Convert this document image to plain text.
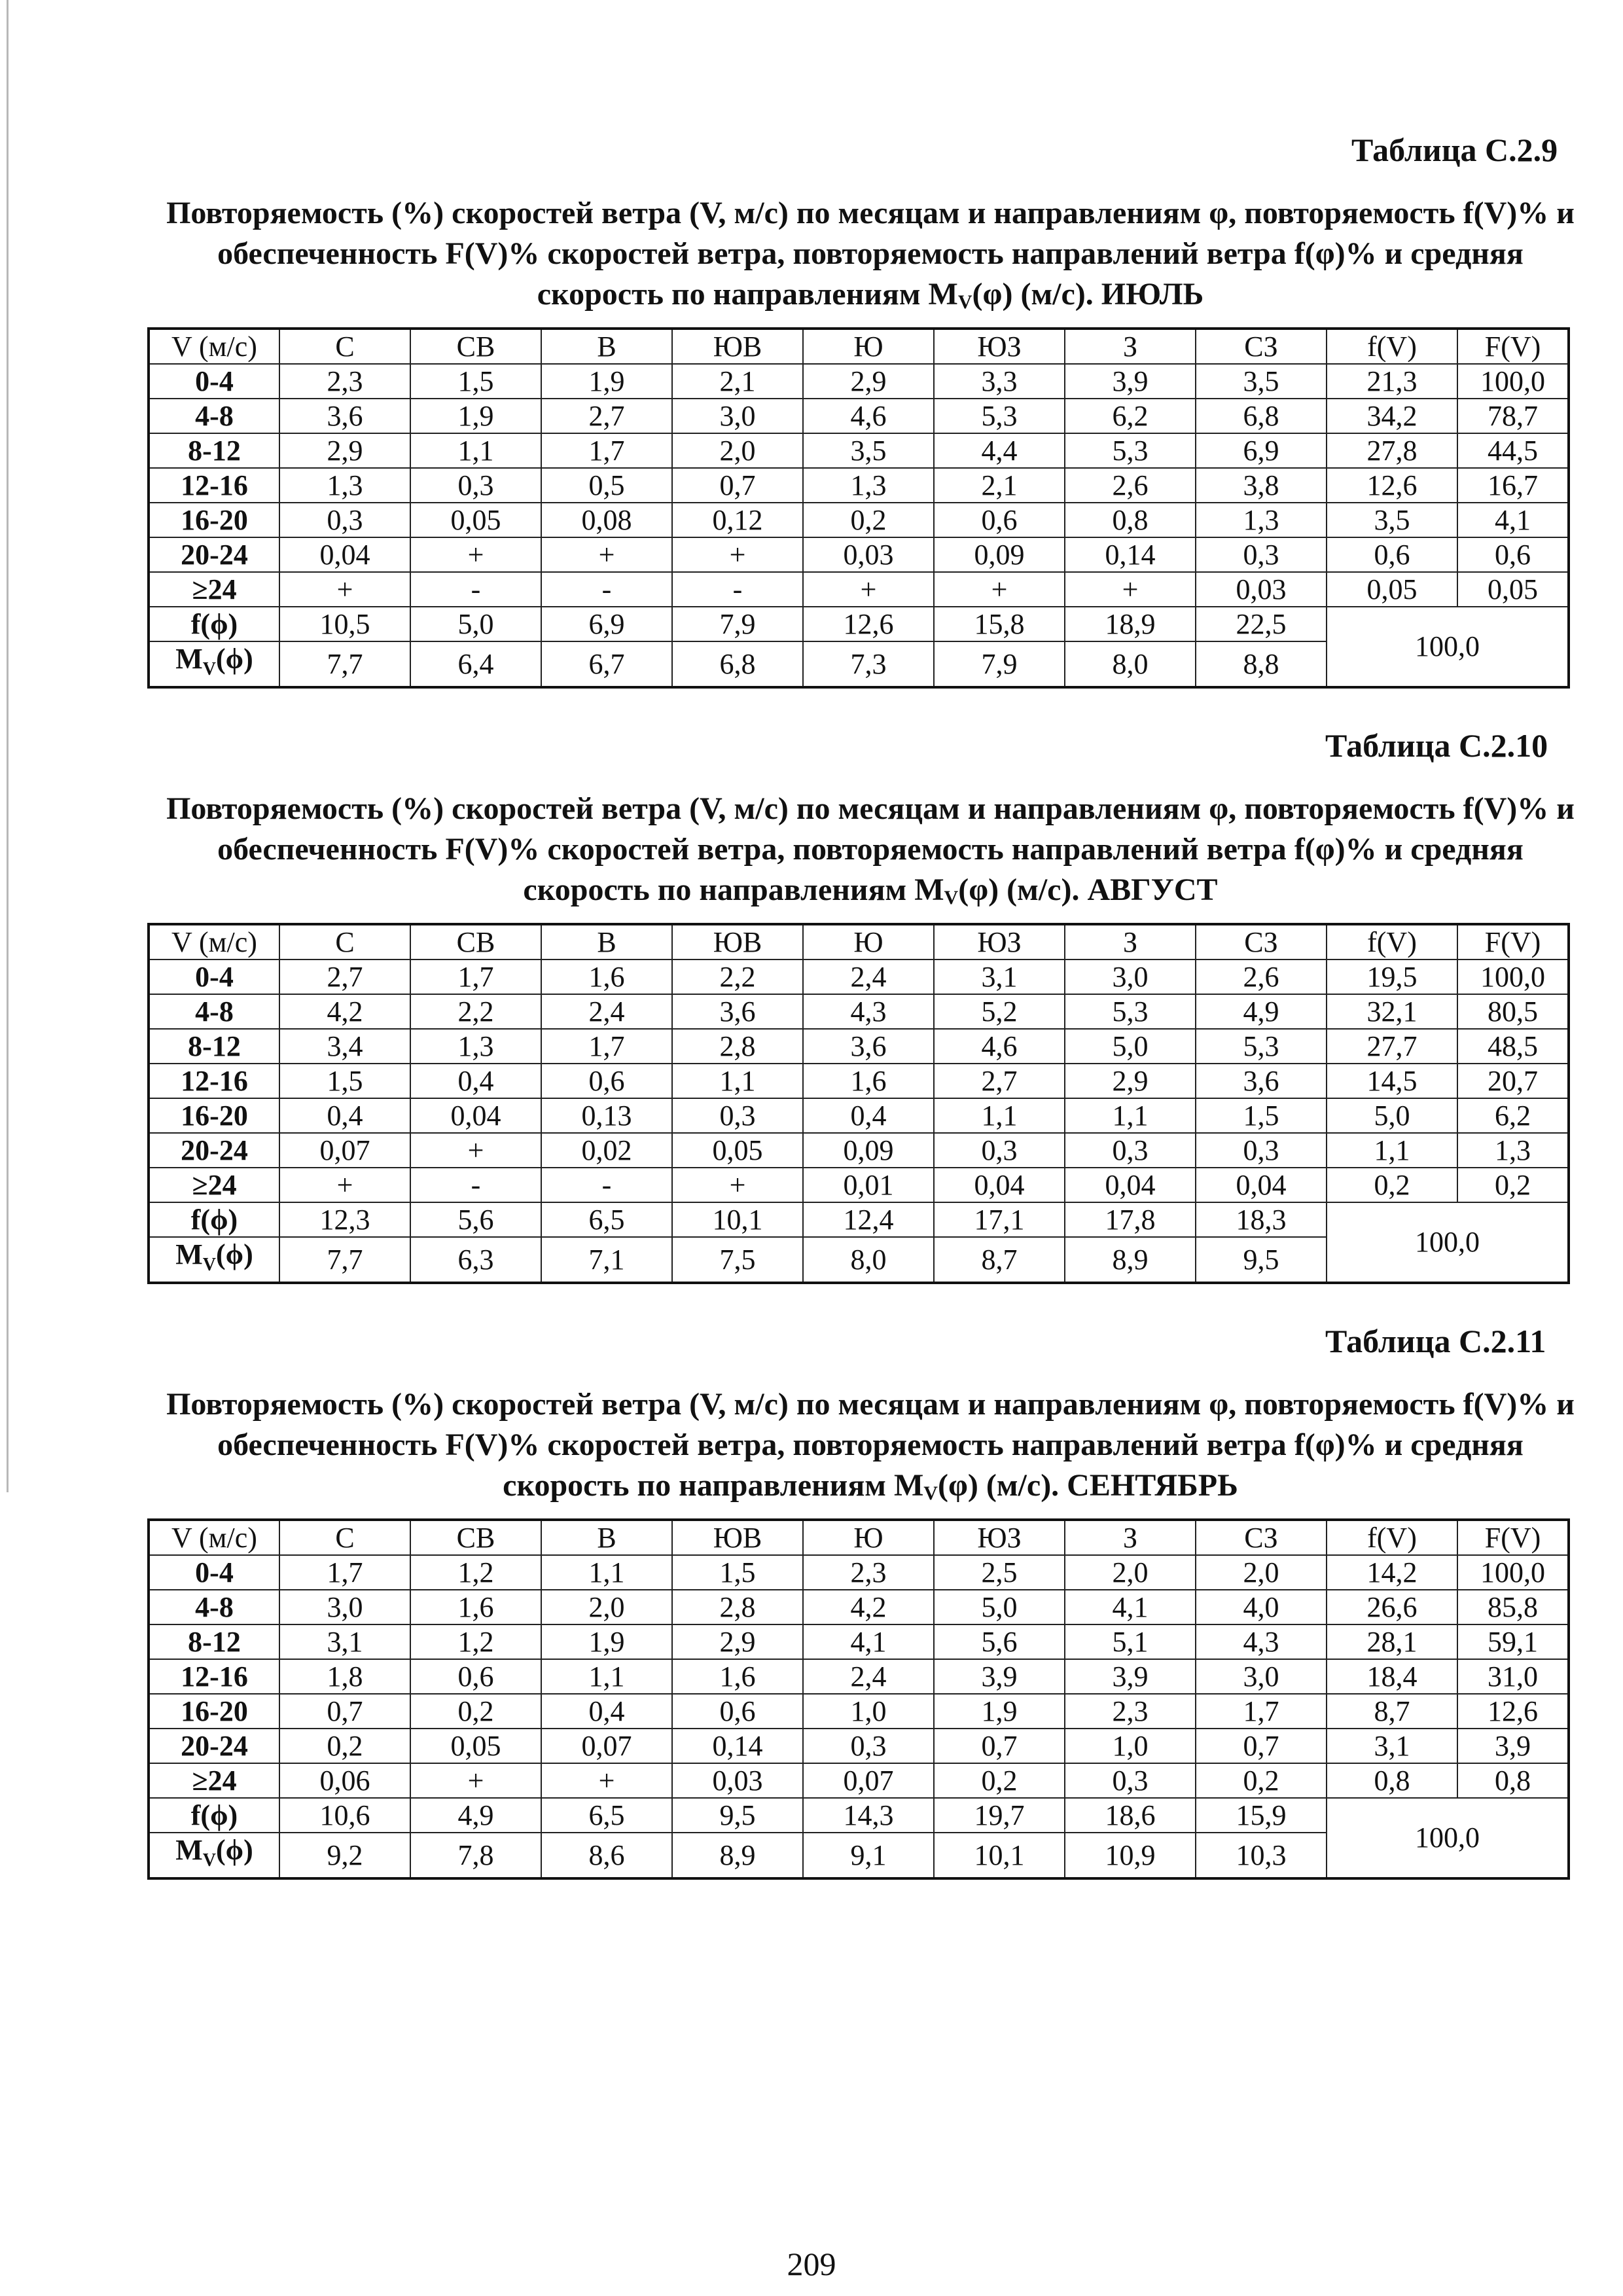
Таблица С.2.9
Повторяемость (%) скоростей ветра (V, м/с) по месяцам и направлениям φ, повторяемость f(V)% и обеспеченность F(V)% скоростей ветра, повторяемость направлений ветра f(φ)% и средняя скорость по направлениям $M_V(\varphi)$ (м/с). ИЮЛЬ
V (м/с)	С	СВ	В	ЮВ	Ю	ЮЗ	З	СЗ	f(V)	F(V)
0-4	2,3	1,5	1,9	2,1	2,9	3,3	3,9	3,5	21,3	100,0
4-8	3,6	1,9	2,7	3,0	4,6	5,3	6,2	6,8	34,2	78,7
8-12	2,9	1,1	1,7	2,0	3,5	4,4	5,3	6,9	27,8	44,5
12-16	1,3	0,3	0,5	0,7	1,3	2,1	2,6	3,8	12,6	16,7
16-20	0,3	0,05	0,08	0,12	0,2	0,6	0,8	1,3	3,5	4,1
20-24	0,04	+	+	+	0,03	0,09	0,14	0,3	0,6	0,6
≥24	+	-	-	-	+	+	+	0,03	0,05	0,05
f(ϕ)	10,5	5,0	6,9	7,9	12,6	15,8	18,9	22,5	100,0	
$M_V(\phi)$	7,7	6,4	6,7	6,8	7,3	7,9	8,0	8,8		
Таблица С.2.10
Повторяемость (%) скоростей ветра (V, м/с) по месяцам и направлениям φ, повторяемость f(V)% и обеспеченность F(V)% скоростей ветра, повторяемость направлений ветра f(φ)% и средняя скорость по направлениям $M_V(\varphi)$ (м/с). АВГУСТ
V (м/с)	С	СВ	В	ЮВ	Ю	ЮЗ	З	СЗ	f(V)	F(V)
0-4	2,7	1,7	1,6	2,2	2,4	3,1	3,0	2,6	19,5	100,0
4-8	4,2	2,2	2,4	3,6	4,3	5,2	5,3	4,9	32,1	80,5
8-12	3,4	1,3	1,7	2,8	3,6	4,6	5,0	5,3	27,7	48,5
12-16	1,5	0,4	0,6	1,1	1,6	2,7	2,9	3,6	14,5	20,7
16-20	0,4	0,04	0,13	0,3	0,4	1,1	1,1	1,5	5,0	6,2
20-24	0,07	+	0,02	0,05	0,09	0,3	0,3	0,3	1,1	1,3
≥24	+	-	-	+	0,01	0,04	0,04	0,04	0,2	0,2
f(ϕ)	12,3	5,6	6,5	10,1	12,4	17,1	17,8	18,3	100,0	
$M_V(\phi)$	7,7	6,3	7,1	7,5	8,0	8,7	8,9	9,5		
Таблица С.2.11
Повторяемость (%) скоростей ветра (V, м/с) по месяцам и направлениям φ, повторяемость f(V)% и обеспеченность F(V)% скоростей ветра, повторяемость направлений ветра f(φ)% и средняя скорость по направлениям $M_V(\varphi)$ (м/с). СЕНТЯБРЬ
V (м/с)	С	СВ	В	ЮВ	Ю	ЮЗ	З	СЗ	f(V)	F(V)
0-4	1,7	1,2	1,1	1,5	2,3	2,5	2,0	2,0	14,2	100,0
4-8	3,0	1,6	2,0	2,8	4,2	5,0	4,1	4,0	26,6	85,8
8-12	3,1	1,2	1,9	2,9	4,1	5,6	5,1	4,3	28,1	59,1
12-16	1,8	0,6	1,1	1,6	2,4	3,9	3,9	3,0	18,4	31,0
16-20	0,7	0,2	0,4	0,6	1,0	1,9	2,3	1,7	8,7	12,6
20-24	0,2	0,05	0,07	0,14	0,3	0,7	1,0	0,7	3,1	3,9
≥24	0,06	+	+	0,03	0,07	0,2	0,3	0,2	0,8	0,8
f(ϕ)	10,6	4,9	6,5	9,5	14,3	19,7	18,6	15,9	100,0	
$M_V(\phi)$	9,2	7,8	8,6	8,9	9,1	10,1	10,9	10,3		
209
